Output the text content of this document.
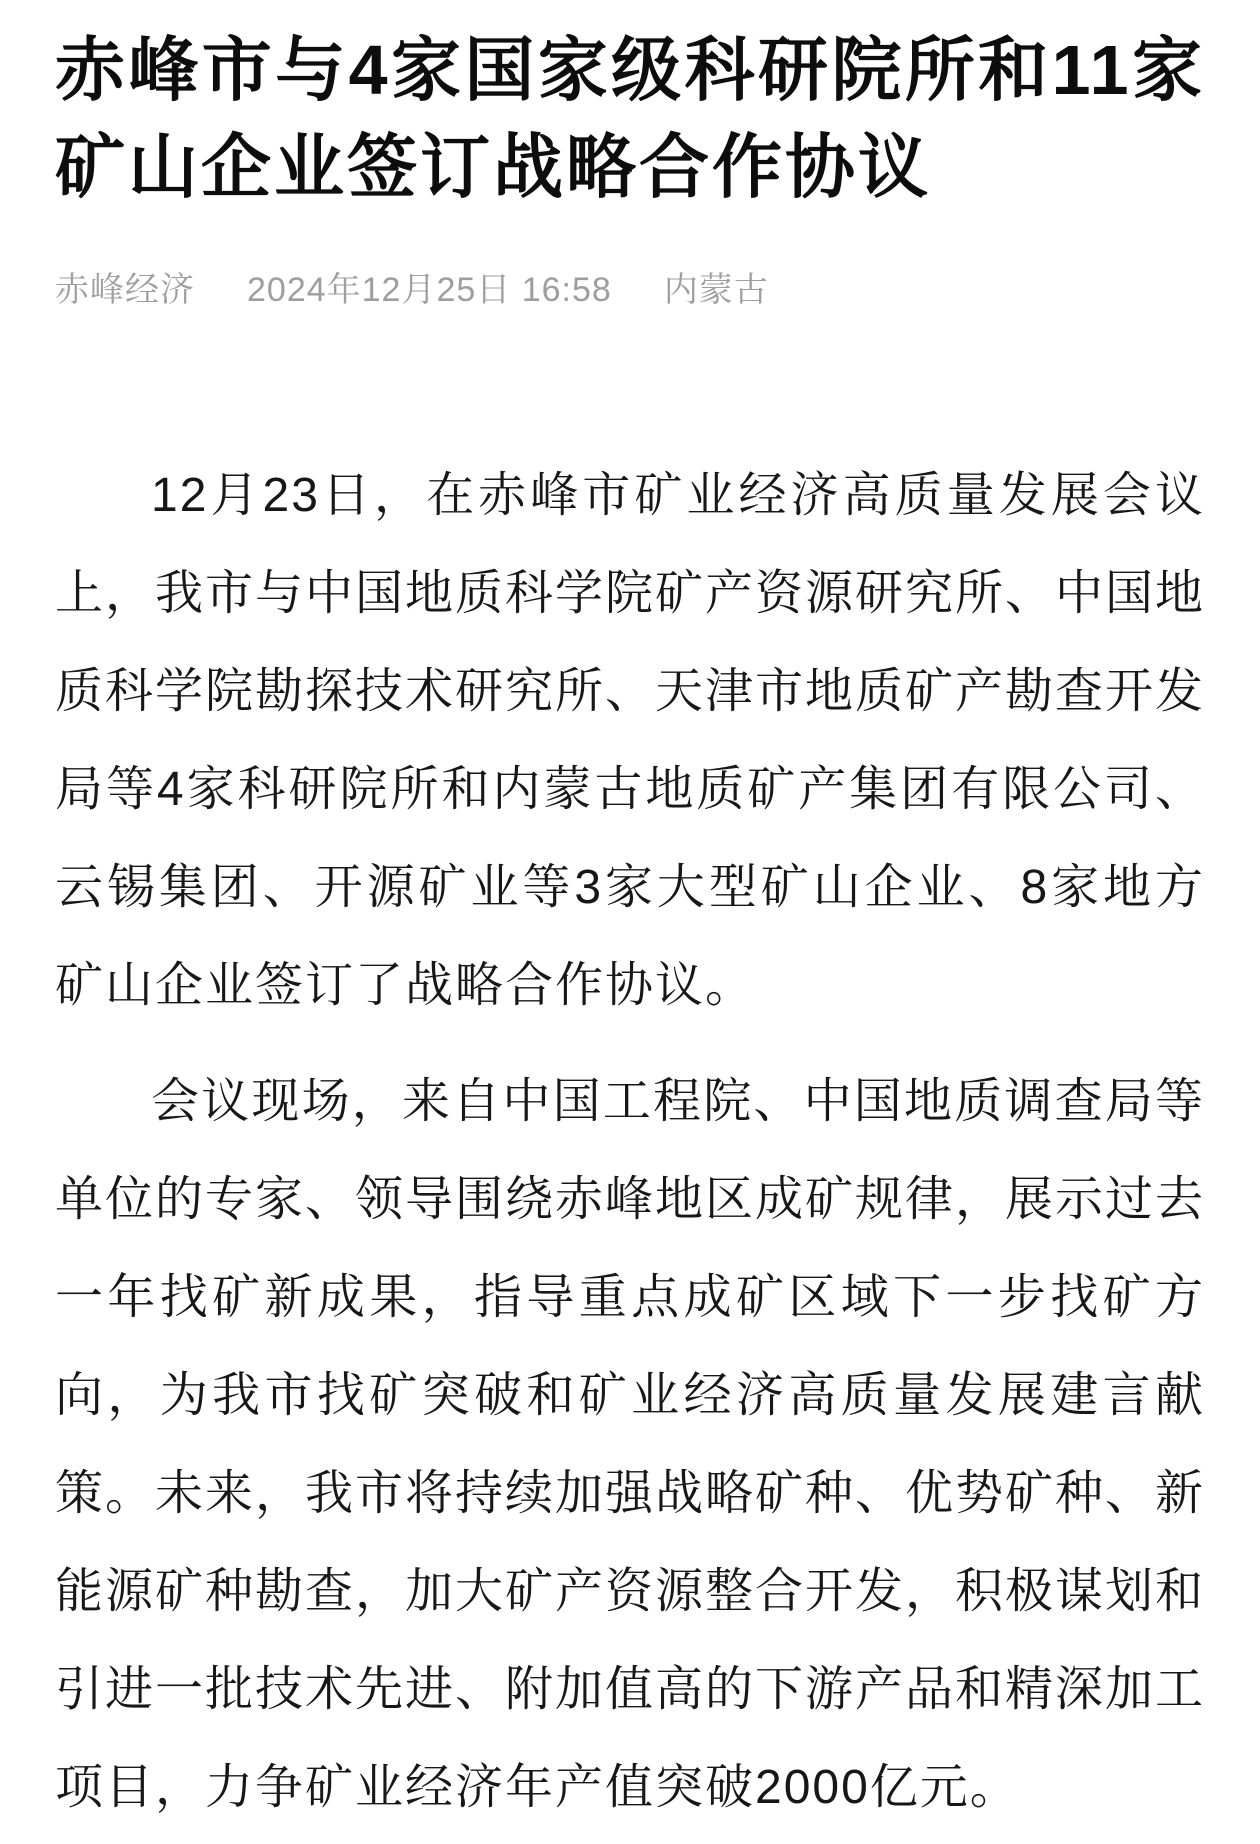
赤峰市与4家国家级科研院所和11家矿山企业签订战略合作协议
赤峰经济 2024年12月25日 16:58 内蒙古

12月23日，在赤峰市矿业经济高质量发展会议上，我市与中国地质科学院矿产资源研究所、中国地质科学院勘探技术研究所、天津市地质矿产勘查开发局等4家科研院所和内蒙古地质矿产集团有限公司、云锡集团、开源矿业等3家大型矿山企业、8家地方矿山企业签订了战略合作协议。

会议现场，来自中国工程院、中国地质调查局等单位的专家、领导围绕赤峰地区成矿规律，展示过去一年找矿新成果，指导重点成矿区域下一步找矿方向，为我市找矿突破和矿业经济高质量发展建言献策。未来，我市将持续加强战略矿种、优势矿种、新能源矿种勘查，加大矿产资源整合开发，积极谋划和引进一批技术先进、附加值高的下游产品和精深加工项目，力争矿业经济年产值突破2000亿元。
